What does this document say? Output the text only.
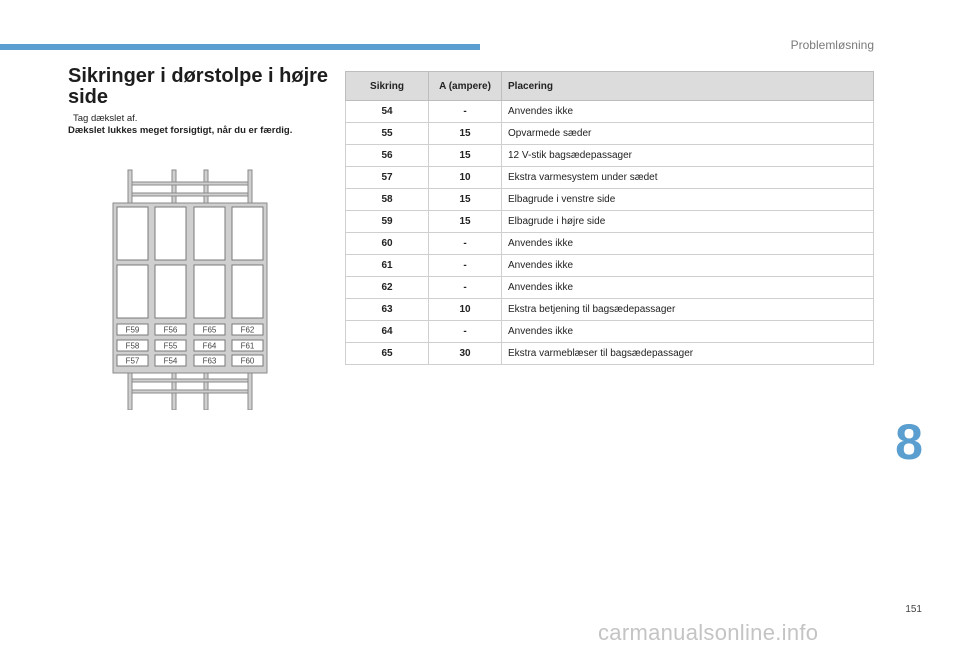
Problemløsning
Sikringer i dørstolpe i højre side
Tag dækslet af.
Dækslet lukkes meget forsigtigt, når du er færdig.
F59	F56	F65	F62
F58	F55	F64	F61
F57	F54	F63	F60
Sikring	A (ampere)	Placering
54	-	Anvendes ikke
55	15	Opvarmede sæder
56	15	12 V-stik bagsædepassager
57	10	Ekstra varmesystem under sædet
58	15	Elbagrude i venstre side
59	15	Elbagrude i højre side
60	-	Anvendes ikke
61	-	Anvendes ikke
62	-	Anvendes ikke
63	10	Ekstra betjening til bagsædepassager
64	-	Anvendes ikke
65	30	Ekstra varmeblæser til bagsædepassager
8
151
carmanualsonline.info
